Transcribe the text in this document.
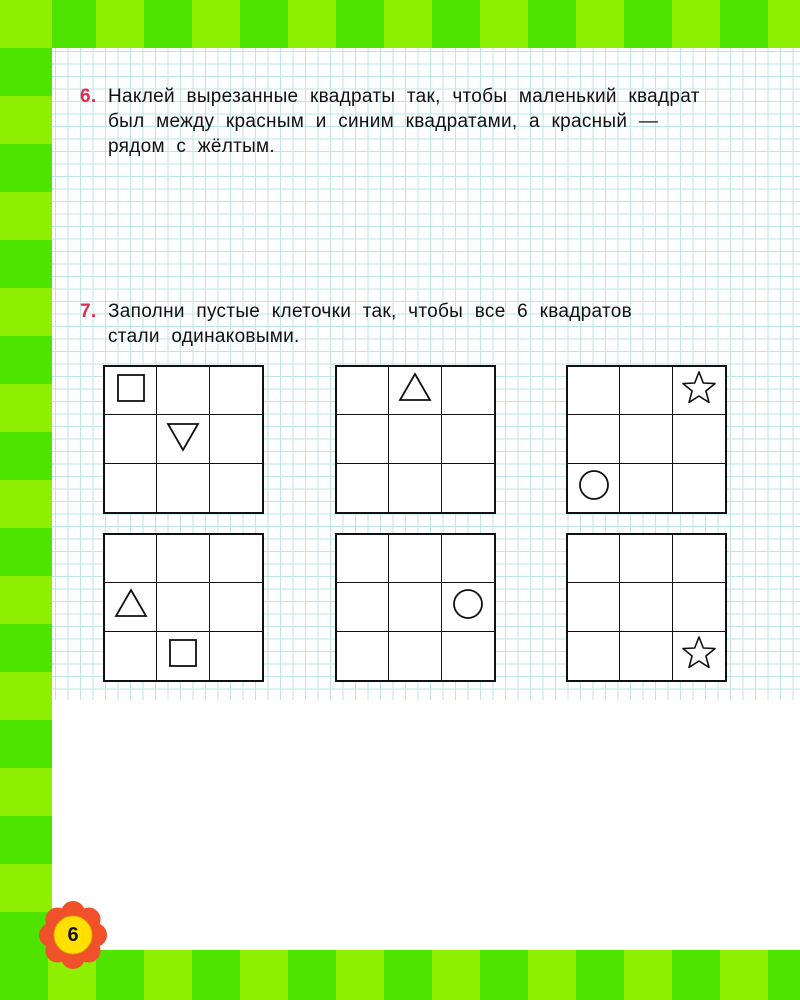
6. Наклей вырезанные квадраты так, чтобы маленький квадрат
был между красным и синим квадратами, а красный —
рядом с жёлтым.
7. Заполни пустые клеточки так, чтобы все 6 квадратов
стали одинаковыми.
6
